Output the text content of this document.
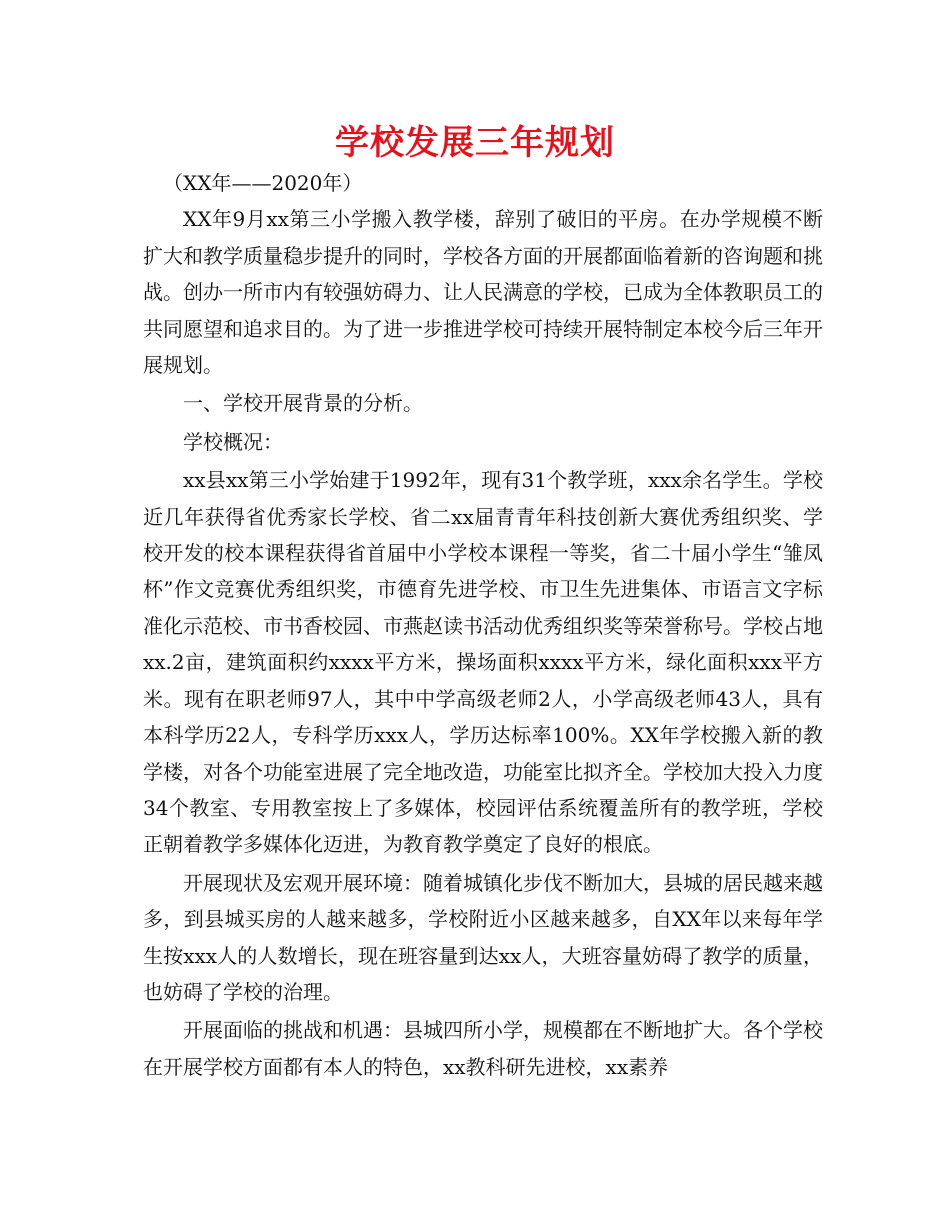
学校发展三年规划

（XX年——2020年）

XX年9月xx第三小学搬入教学楼，辞别了破旧的平房。在办学规模不断扩大和教学质量稳步提升的同时，学校各方面的开展都面临着新的咨询题和挑战。创办一所市内有较强妨碍力、让人民满意的学校，已成为全体教职员工的共同愿望和追求目的。为了进一步推进学校可持续开展特制定本校今后三年开展规划。

一、学校开展背景的分析。

学校概况：

xx县xx第三小学始建于1992年，现有31个教学班，xxx余名学生。学校近几年获得省优秀家长学校、省二xx届青青年科技创新大赛优秀组织奖、学校开发的校本课程获得省首届中小学校本课程一等奖，省二十届小学生“雏凤杯”作文竞赛优秀组织奖，市德育先进学校、市卫生先进集体、市语言文字标准化示范校、市书香校园、市燕赵读书活动优秀组织奖等荣誉称号。学校占地xx.2亩，建筑面积约xxxx平方米，操场面积xxxx平方米，绿化面积xxx平方米。现有在职老师97人，其中中学高级老师2人，小学高级老师43人，具有本科学历22人，专科学历xxx人，学历达标率100%。XX年学校搬入新的教学楼，对各个功能室进展了完全地改造，功能室比拟齐全。学校加大投入力度34个教室、专用教室按上了多媒体，校园评估系统覆盖所有的教学班，学校正朝着教学多媒体化迈进，为教育教学奠定了良好的根底。

开展现状及宏观开展环境：随着城镇化步伐不断加大，县城的居民越来越多，到县城买房的人越来越多，学校附近小区越来越多，自XX年以来每年学生按xxx人的人数增长，现在班容量到达xx人，大班容量妨碍了教学的质量，也妨碍了学校的治理。

开展面临的挑战和机遇：县城四所小学，规模都在不断地扩大。各个学校在开展学校方面都有本人的特色，xx教科研先进校，xx素养
